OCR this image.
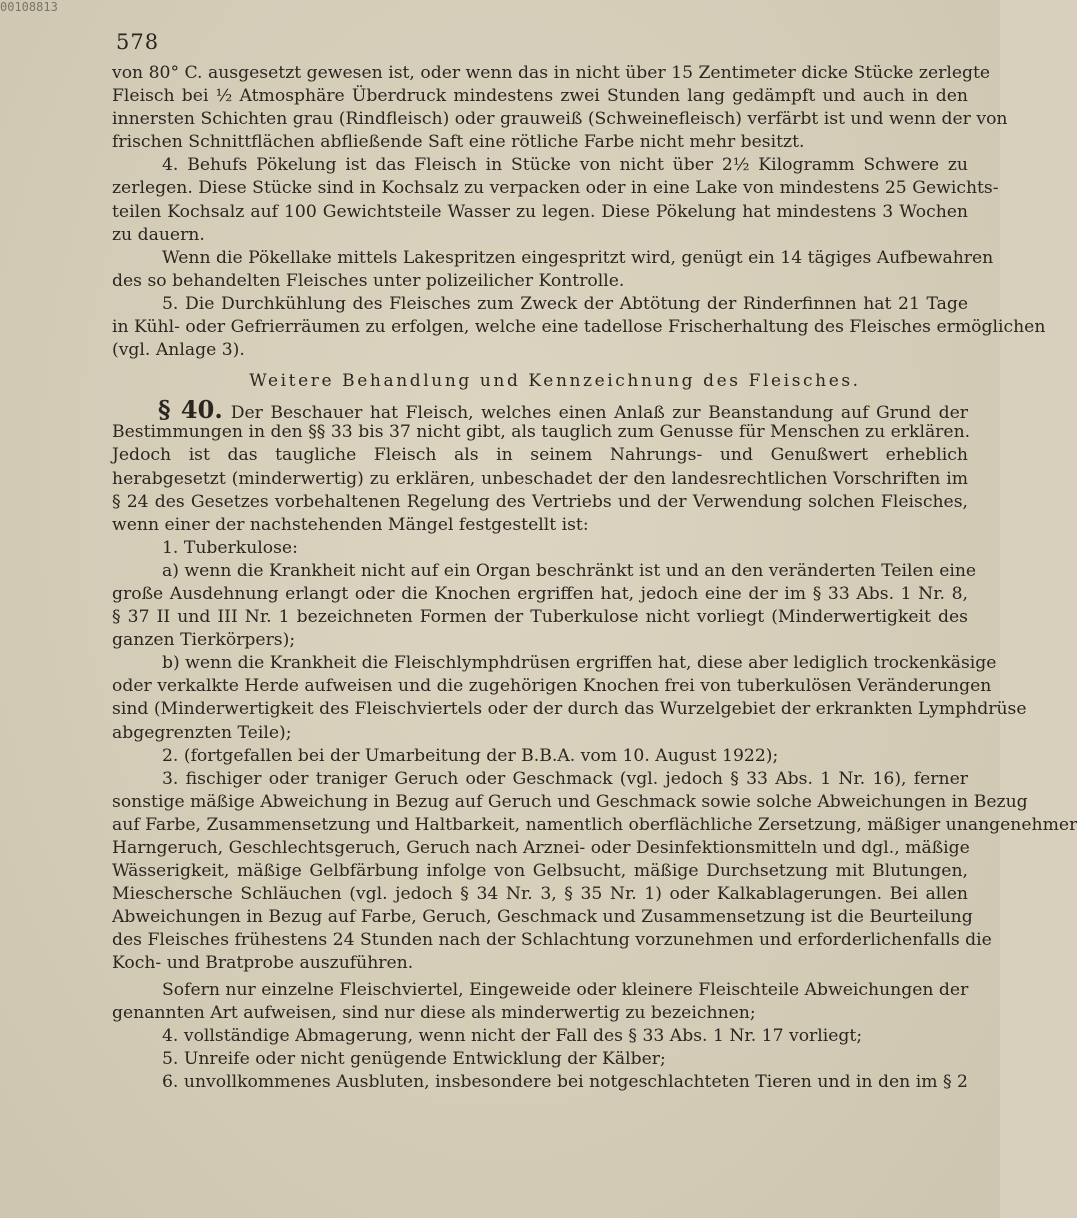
00108813
578
von 80° C. ausgesetzt gewesen ist, oder wenn das in nicht über 15 Zentimeter dicke Stücke zerlegte
Fleisch bei ½ Atmosphäre Überdruck mindestens zwei Stunden lang gedämpft und auch in den
innersten Schichten grau (Rindfleisch) oder grauweiß (Schweinefleisch) verfärbt ist und wenn der von
frischen Schnittflächen abfließende Saft eine rötliche Farbe nicht mehr besitzt.
4. Behufs Pökelung ist das Fleisch in Stücke von nicht über 2½ Kilogramm Schwere zu
zerlegen. Diese Stücke sind in Kochsalz zu verpacken oder in eine Lake von mindestens 25 Gewichts-
teilen Kochsalz auf 100 Gewichtsteile Wasser zu legen. Diese Pökelung hat mindestens 3 Wochen
zu dauern.
Wenn die Pökellake mittels Lakespritzen eingespritzt wird, genügt ein 14 tägiges Aufbewahren
des so behandelten Fleisches unter polizeilicher Kontrolle.
5. Die Durchkühlung des Fleisches zum Zweck der Abtötung der Rinderfinnen hat 21 Tage
in Kühl- oder Gefrierräumen zu erfolgen, welche eine tadellose Frischerhaltung des Fleisches ermöglichen
(vgl. Anlage 3).
Weitere Behandlung und Kennzeichnung des Fleisches.
§ 40. Der Beschauer hat Fleisch, welches einen Anlaß zur Beanstandung auf Grund der
Bestimmungen in den §§ 33 bis 37 nicht gibt, als tauglich zum Genusse für Menschen zu erklären.
Jedoch ist das taugliche Fleisch als in seinem Nahrungs- und Genußwert erheblich
herabgesetzt (minderwertig) zu erklären, unbeschadet der den landesrechtlichen Vorschriften im
§ 24 des Gesetzes vorbehaltenen Regelung des Vertriebs und der Verwendung solchen Fleisches,
wenn einer der nachstehenden Mängel festgestellt ist:
1. Tuberkulose:
a) wenn die Krankheit nicht auf ein Organ beschränkt ist und an den veränderten Teilen eine
große Ausdehnung erlangt oder die Knochen ergriffen hat, jedoch eine der im § 33 Abs. 1 Nr. 8,
§ 37 II und III Nr. 1 bezeichneten Formen der Tuberkulose nicht vorliegt (Minderwertigkeit des
ganzen Tierkörpers);
b) wenn die Krankheit die Fleischlymphdrüsen ergriffen hat, diese aber lediglich trockenkäsige
oder verkalkte Herde aufweisen und die zugehörigen Knochen frei von tuberkulösen Veränderungen
sind (Minderwertigkeit des Fleischviertels oder der durch das Wurzelgebiet der erkrankten Lymphdrüse
abgegrenzten Teile);
2. (fortgefallen bei der Umarbeitung der B.B.A. vom 10. August 1922);
3. fischiger oder traniger Geruch oder Geschmack (vgl. jedoch § 33 Abs. 1 Nr. 16), ferner
sonstige mäßige Abweichung in Bezug auf Geruch und Geschmack sowie solche Abweichungen in Bezug
auf Farbe, Zusammensetzung und Haltbarkeit, namentlich oberflächliche Zersetzung, mäßiger unangenehmer
Harngeruch, Geschlechtsgeruch, Geruch nach Arznei- oder Desinfektionsmitteln und dgl., mäßige
Wässerigkeit, mäßige Gelbfärbung infolge von Gelbsucht, mäßige Durchsetzung mit Blutungen,
Mieschersche Schläuchen (vgl. jedoch § 34 Nr. 3, § 35 Nr. 1) oder Kalkablagerungen. Bei allen
Abweichungen in Bezug auf Farbe, Geruch, Geschmack und Zusammensetzung ist die Beurteilung
des Fleisches frühestens 24 Stunden nach der Schlachtung vorzunehmen und erforderlichenfalls die
Koch- und Bratprobe auszuführen.
Sofern nur einzelne Fleischviertel, Eingeweide oder kleinere Fleischteile Abweichungen der
genannten Art aufweisen, sind nur diese als minderwertig zu bezeichnen;
4. vollständige Abmagerung, wenn nicht der Fall des § 33 Abs. 1 Nr. 17 vorliegt;
5. Unreife oder nicht genügende Entwicklung der Kälber;
6. unvollkommenes Ausbluten, insbesondere bei notgeschlachteten Tieren und in den im § 2
